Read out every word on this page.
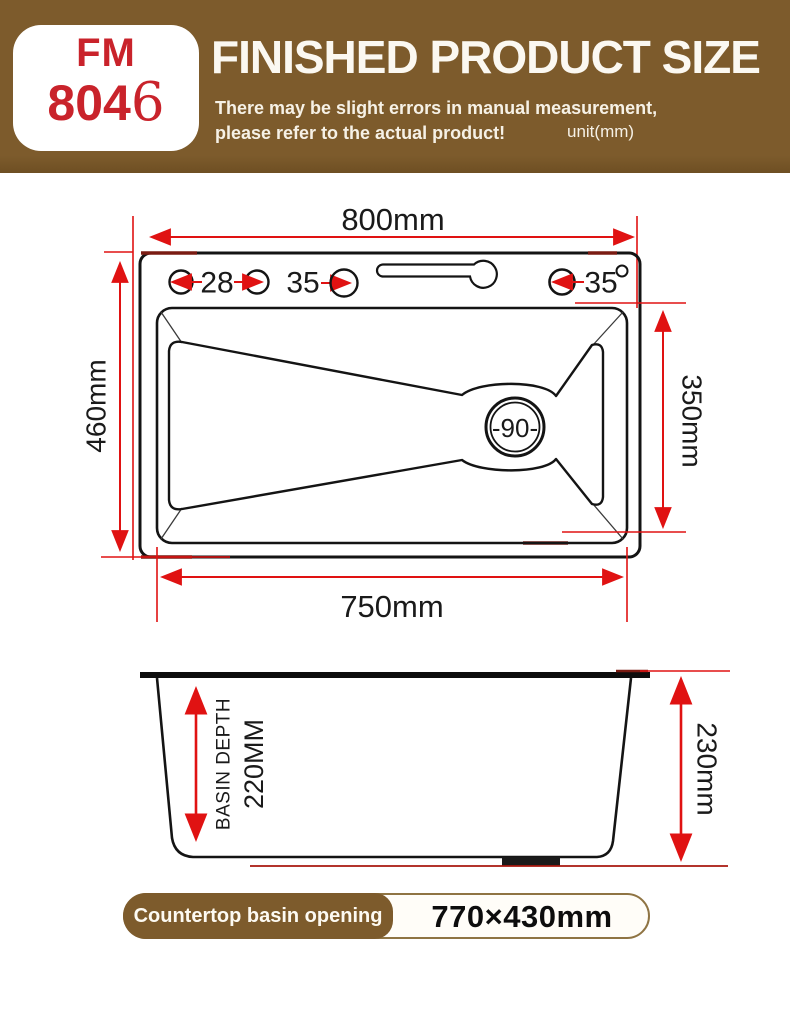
FM
8046
FINISHED PRODUCT SIZE
There may be slight errors in manual measurement,
please refer to the actual product!	unit(mm)
800mm
28 35	35
-90-
460mm	350mm
750mm
BASIN DEPTH 220MM	230mm
Countertop basin opening	770×430mm
